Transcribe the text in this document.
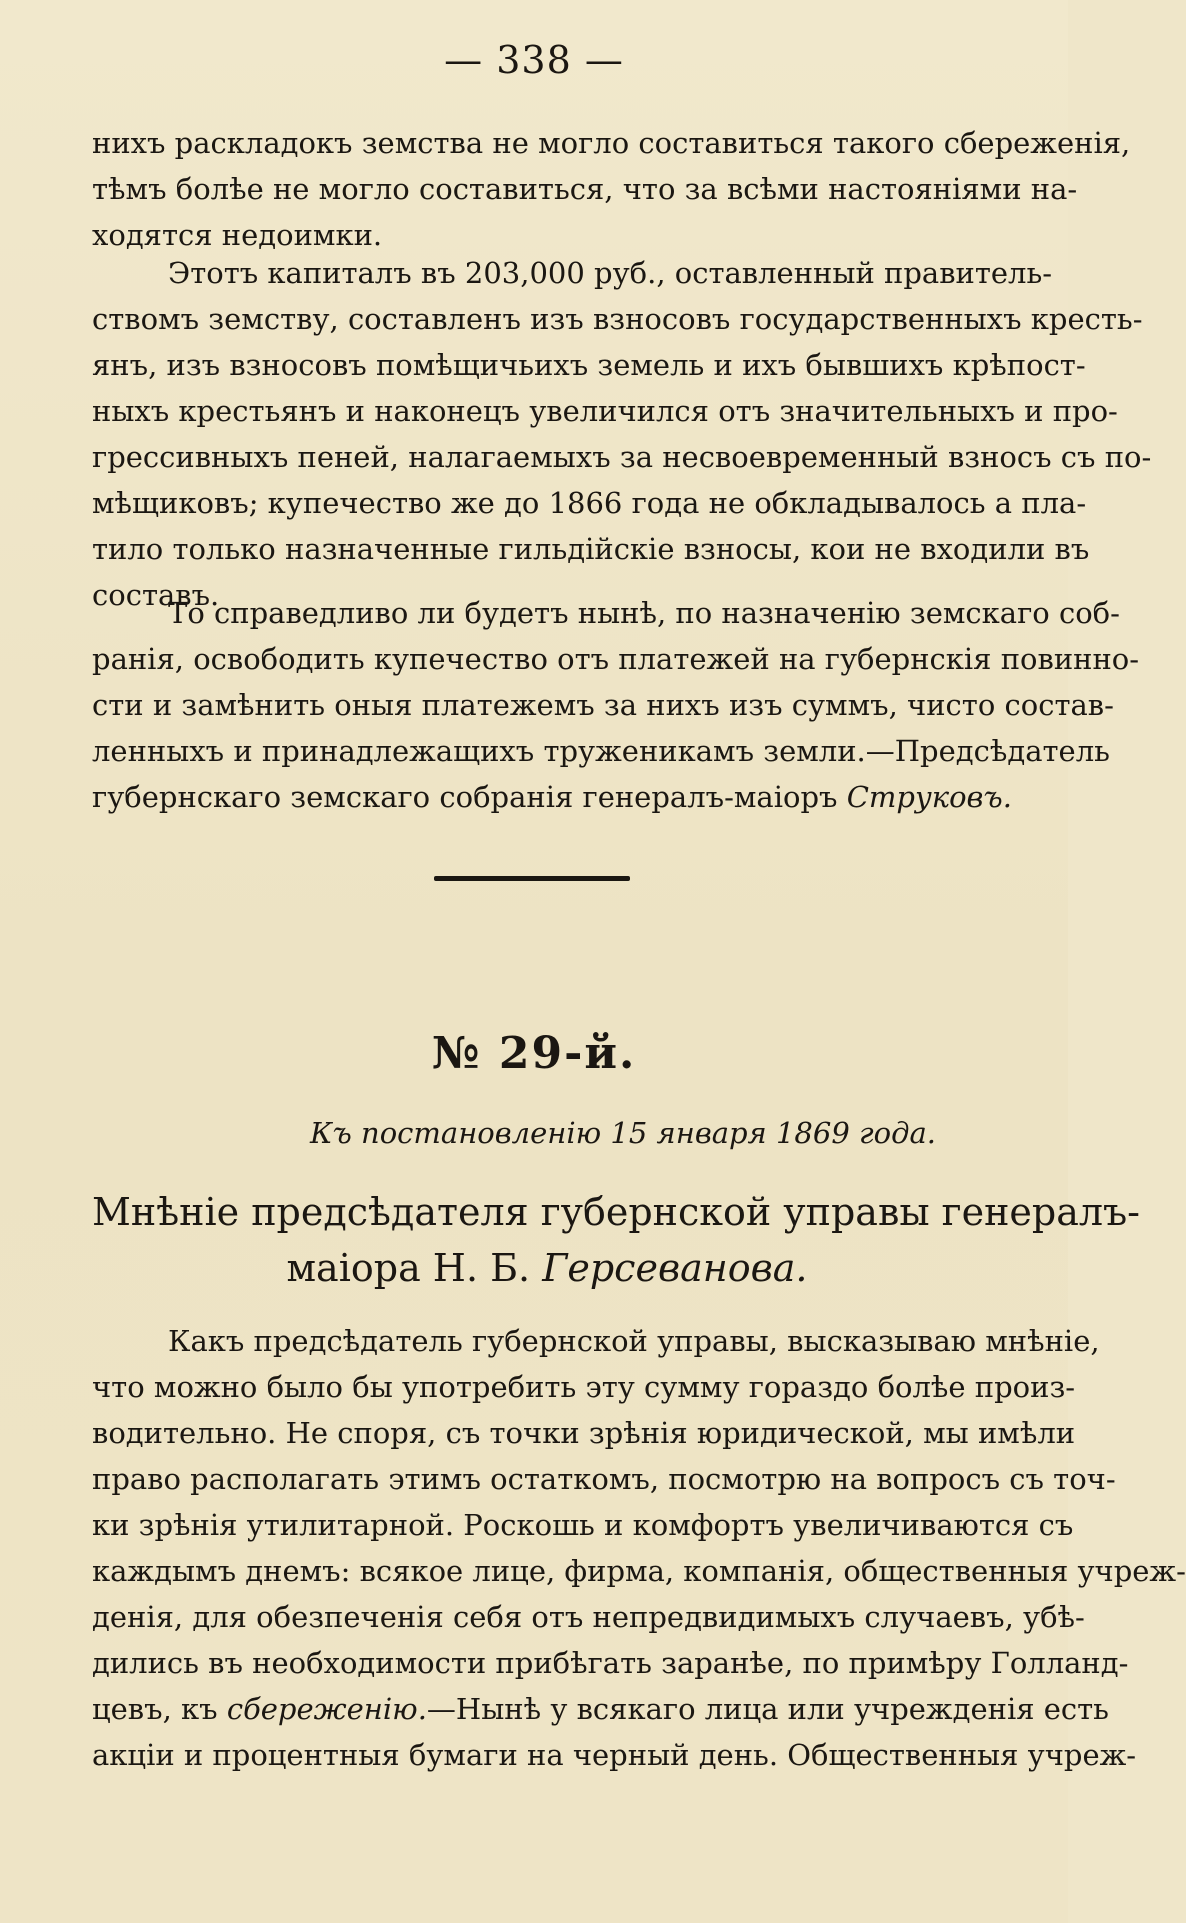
— 338 —
нихъ раскладокъ земства не могло составиться такого сбереженія,
тѣмъ болѣе не могло составиться, что за всѣми настояніями на-
ходятся недоимки.
Этотъ капиталъ въ 203,000 руб., оставленный правитель-
ствомъ земству, составленъ изъ взносовъ государственныхъ кресть-
янъ, изъ взносовъ помѣщичьихъ земель и ихъ бывшихъ крѣпост-
ныхъ крестьянъ и наконецъ увеличился отъ значительныхъ и про-
грессивныхъ пеней, налагаемыхъ за несвоевременный взносъ съ по-
мѣщиковъ; купечество же до 1866 года не обкладывалось а пла-
тило только назначенные гильдійскіе взносы, кои не входили въ
составъ.
То справедливо ли будетъ нынѣ, по назначенію земскаго соб-
ранія, освободить купечество отъ платежей на губернскія повинно-
сти и замѣнить оныя платежемъ за нихъ изъ суммъ, чисто состав-
ленныхъ и принадлежащихъ труженикамъ земли.—Предсѣдатель
губернскаго земскаго собранія генералъ-маіоръ Струковъ.
№ 29-й.
Къ постановленію 15 января 1869 года.
Мнѣніе предсѣдателя губернской управы генералъ-
маіора Н. Б. Герсеванова.
Какъ предсѣдатель губернской управы, высказываю мнѣніе,
что можно было бы употребить эту сумму гораздо болѣе произ-
водительно. Не споря, съ точки зрѣнія юридической, мы имѣли
право располагать этимъ остаткомъ, посмотрю на вопросъ съ точ-
ки зрѣнія утилитарной. Роскошь и комфортъ увеличиваются съ
каждымъ днемъ: всякое лице, фирма, компанія, общественныя учреж-
денія, для обезпеченія себя отъ непредвидимыхъ случаевъ, убѣ-
дились въ необходимости прибѣгать заранѣе, по примѣру Голланд-
цевъ, къ сбереженію.—Нынѣ у всякаго лица или учрежденія есть
акціи и процентныя бумаги на черный день. Общественныя учреж-
